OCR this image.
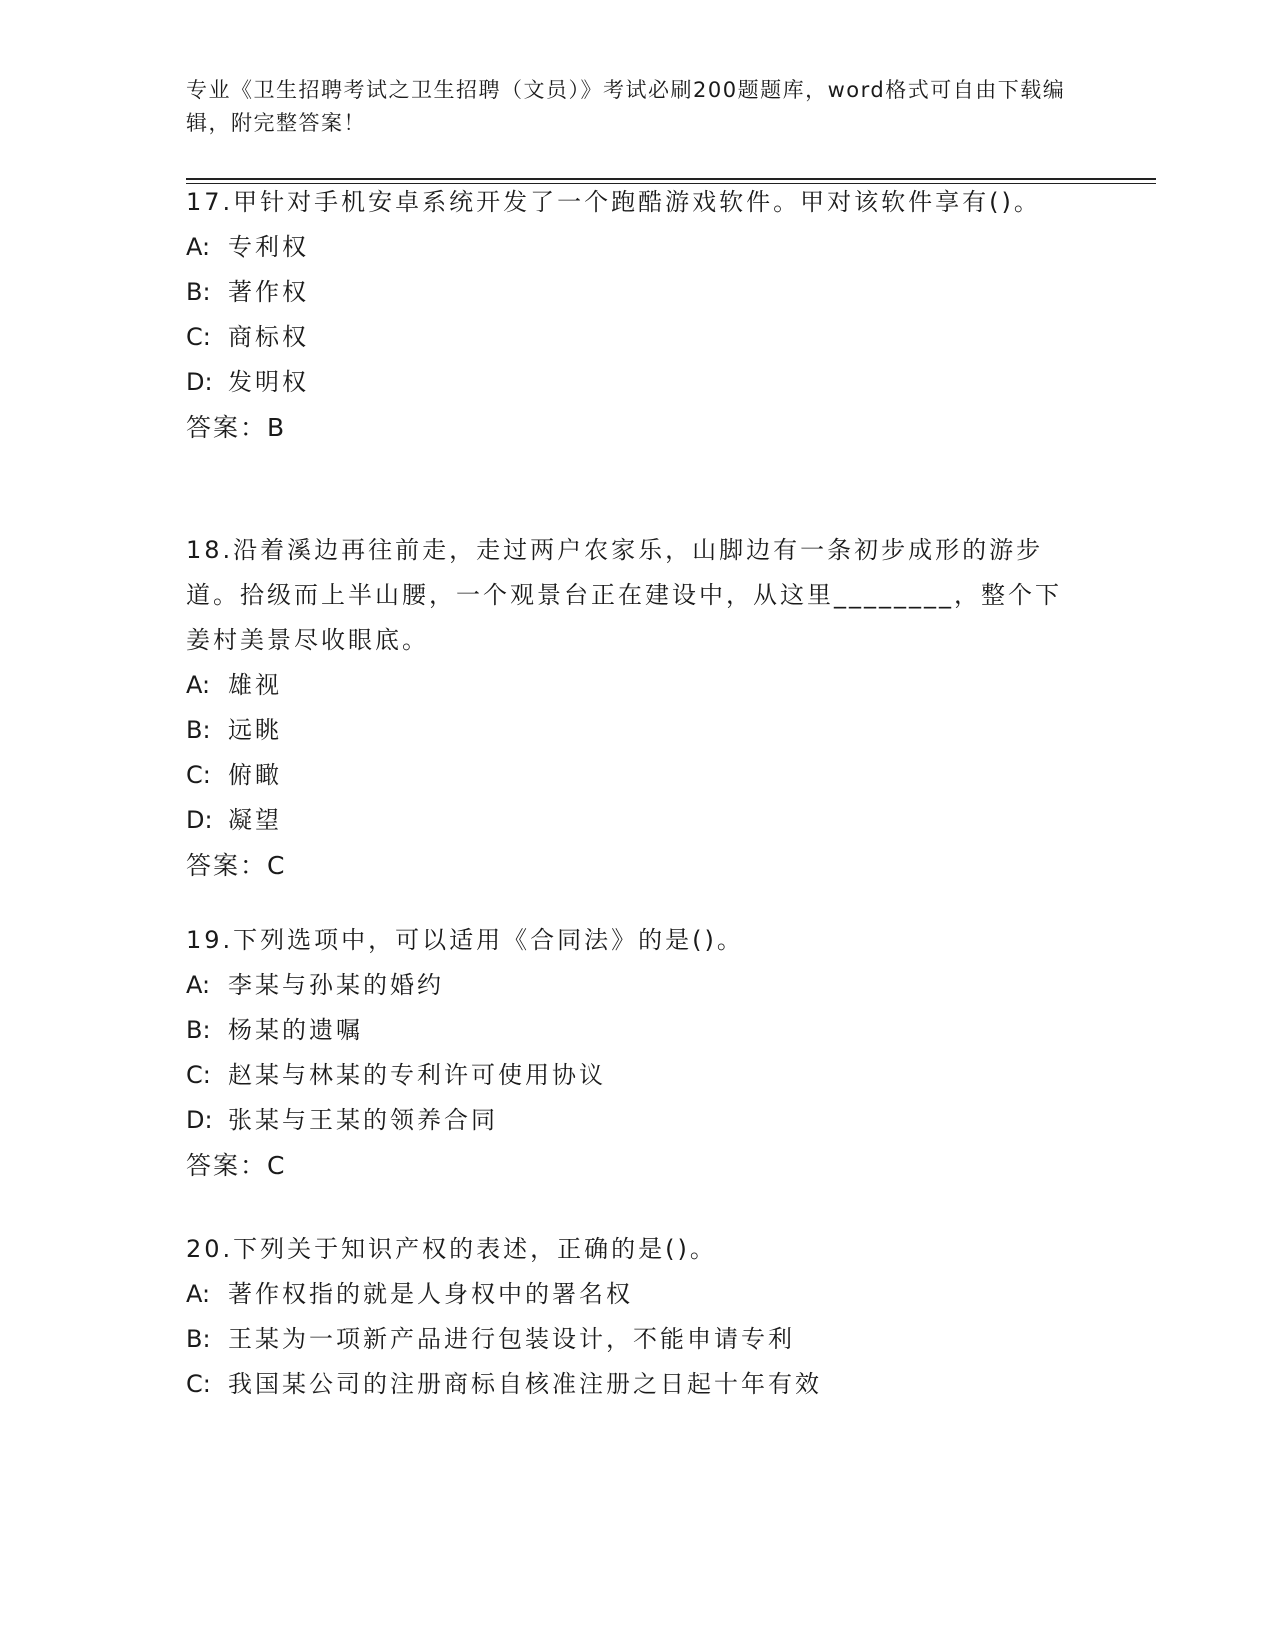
专业《卫生招聘考试之卫生招聘（文员）》考试必刷200题题库，word格式可自由下载编辑，附完整答案！

17.甲针对手机安卓系统开发了一个跑酷游戏软件。甲对该软件享有()。

A: 专利权

B: 著作权

C: 商标权

D: 发明权

答案：B

18.沿着溪边再往前走，走过两户农家乐，山脚边有一条初步成形的游步道。拾级而上半山腰，一个观景台正在建设中，从这里________，整个下姜村美景尽收眼底。

A: 雄视

B: 远眺

C: 俯瞰

D: 凝望

答案：C

19.下列选项中，可以适用《合同法》的是()。

A: 李某与孙某的婚约

B: 杨某的遗嘱

C: 赵某与林某的专利许可使用协议

D: 张某与王某的领养合同

答案：C

20.下列关于知识产权的表述，正确的是()。

A: 著作权指的就是人身权中的署名权

B: 王某为一项新产品进行包装设计，不能申请专利

C: 我国某公司的注册商标自核准注册之日起十年有效
